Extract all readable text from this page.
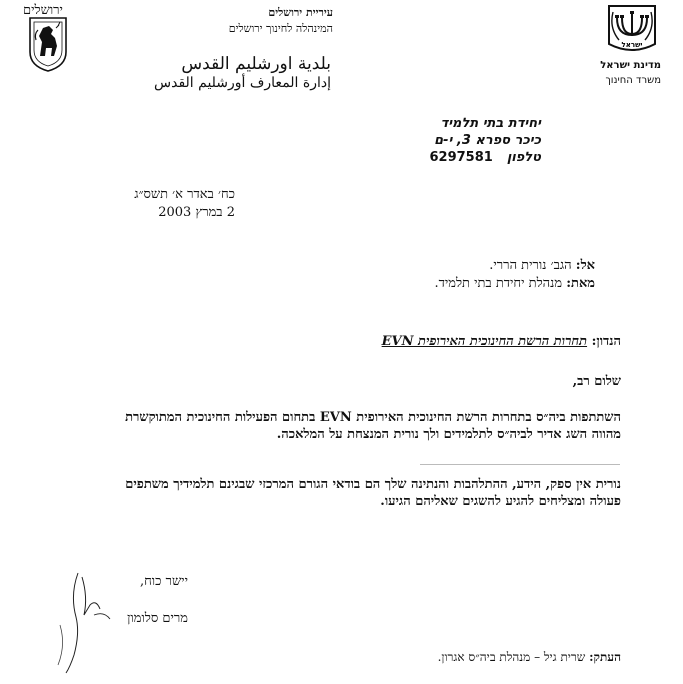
ירושלים	עיריית ירושלים
המינהלה לחינוך ירושלים
بلدية اورشليم القدس
إدارة المعارف أورشليم القدس
ישראל
מדינת ישראל
משרד החינוך
יחידת בתי תלמיד
כיכר ספרא 3, י-ם
טלפון6297581
כח׳ באדר א׳ תשס״ג
2 במרץ 2003
אל: הגב׳ נורית הררי.
מאת: מנהלת יחידת בתי תלמיד.
הנדון: תחרות הרשת החינוכית האירופית EVN
שלום רב,
השתתפות ביה״ס בתחרות הרשת החינוכית האירופית EVN בתחום הפעילות החינוכית המתוקשרת מהווה השג אדיר לביה״ס לתלמידים ולך נורית המנצחת על המלאכה.
נורית אין ספק, הידע, ההתלהבות והנתינה שלך הם בודאי הגורם המרכזי שבגינם תלמידיך משתפים פעולה ומצליחים להגיע להשגים שאליהם הגיעו.
יישר כוח,
מרים סלומון
העתק: שרית גיל – מנהלת ביה״ס אגרון.
